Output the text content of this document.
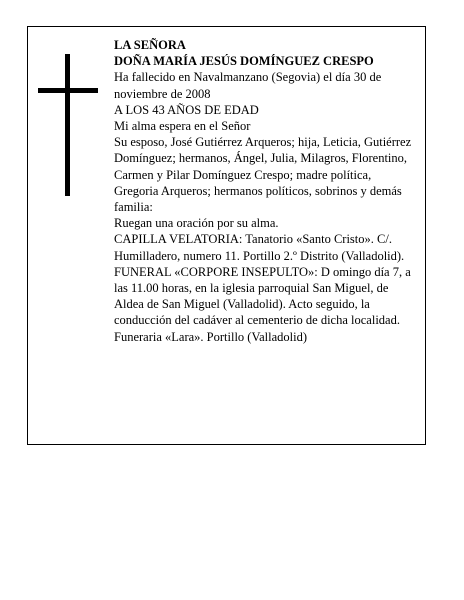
LA SEÑORA

DOÑA MARÍA JESÚS DOMÍNGUEZ CRESPO

Ha fallecido en Navalmanzano (Segovia) el día 30 de noviembre de 2008

A LOS 43 AÑOS DE EDAD

Mi alma espera en el Señor

Su esposo, José Gutiérrez Arqueros; hija, Leticia, Gutiérrez Domínguez; hermanos, Ángel, Julia, Milagros, Florentino, Carmen y Pilar Domínguez Crespo; madre política, Gregoria Arqueros; hermanos políticos, sobrinos y demás familia:

Ruegan una oración por su alma.

CAPILLA VELATORIA: Tanatorio «Santo Cristo». C/. Humilladero, numero 11. Portillo 2.º Distrito (Valladolid).

FUNERAL «CORPORE INSEPULTO»: D omingo día 7, a las 11.00 horas, en la iglesia parroquial San Miguel, de Aldea de San Miguel (Valladolid). Acto seguido, la conducción del cadáver al cementerio de dicha localidad.

Funeraria «Lara». Portillo (Valladolid)
